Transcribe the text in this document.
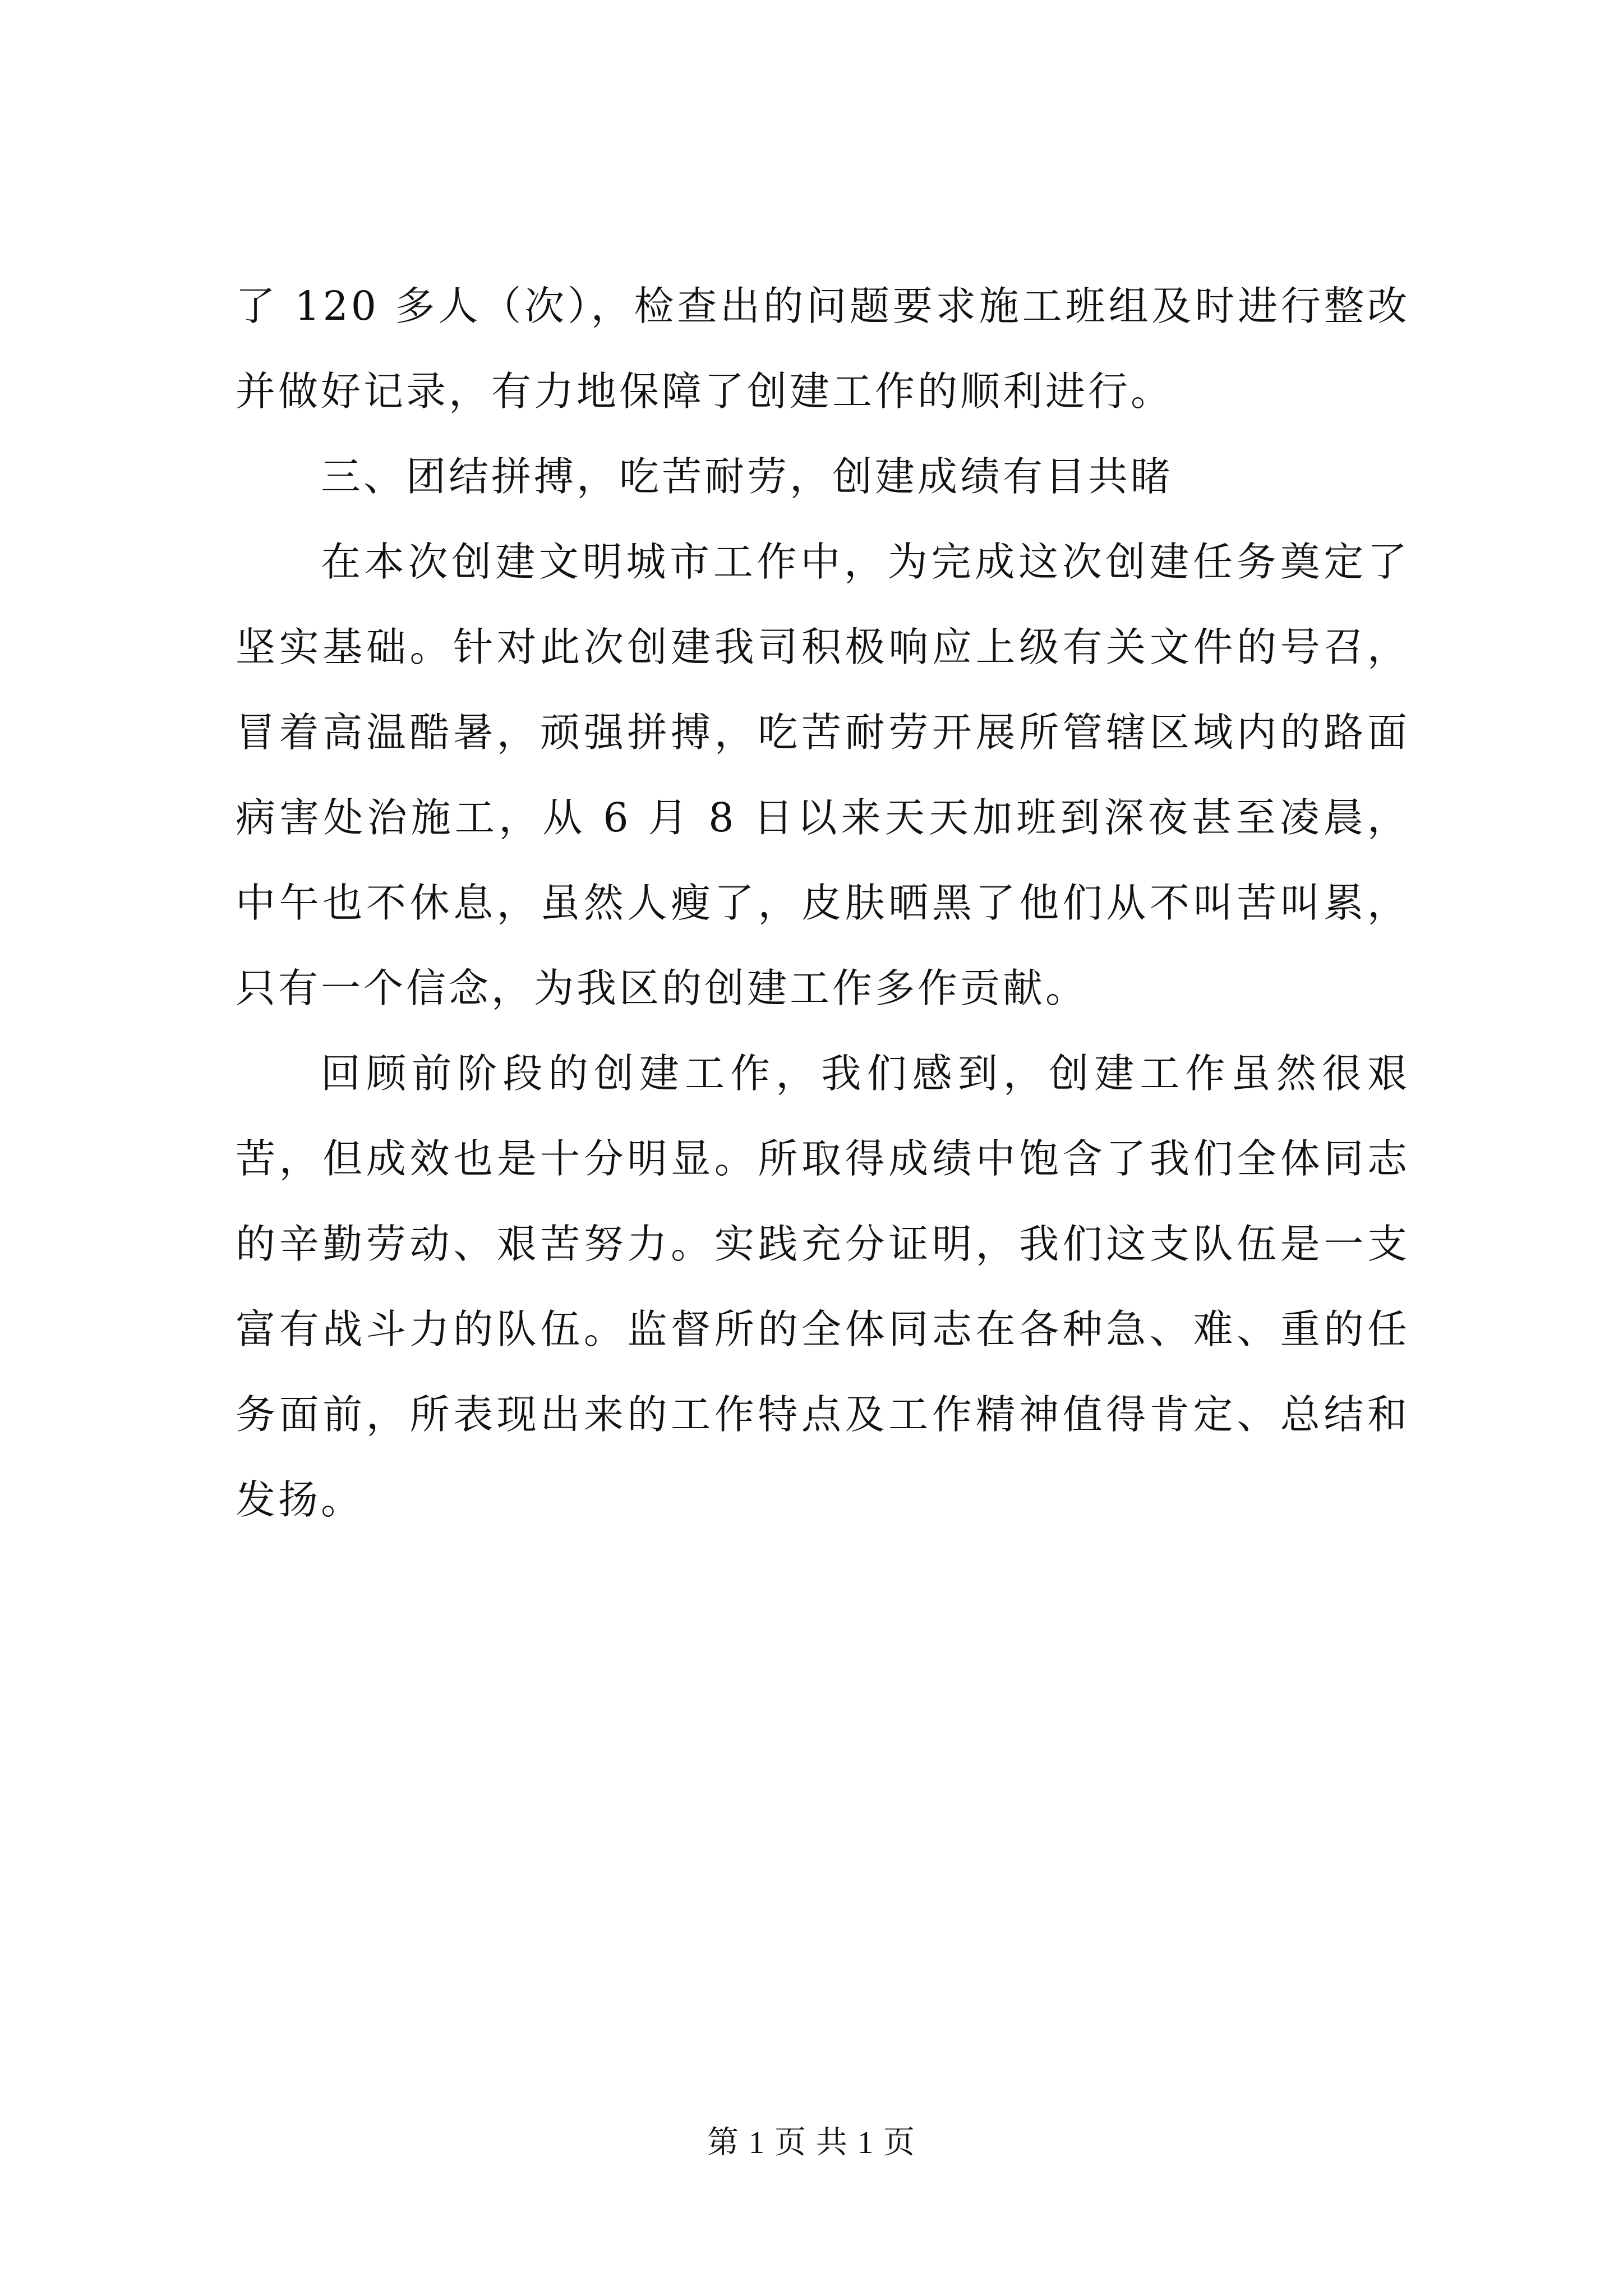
了 120 多人（次），检查出的问题要求施工班组及时进行整改并做好记录，有力地保障了创建工作的顺利进行。

三、团结拼搏，吃苦耐劳，创建成绩有目共睹

在本次创建文明城市工作中，为完成这次创建任务奠定了坚实基础。针对此次创建我司积极响应上级有关文件的号召，冒着高温酷暑，顽强拼搏，吃苦耐劳开展所管辖区域内的路面病害处治施工，从 6 月 8 日以来天天加班到深夜甚至凌晨，中午也不休息，虽然人瘦了，皮肤晒黑了他们从不叫苦叫累，只有一个信念，为我区的创建工作多作贡献。

回顾前阶段的创建工作，我们感到，创建工作虽然很艰苦，但成效也是十分明显。所取得成绩中饱含了我们全体同志的辛勤劳动、艰苦努力。实践充分证明，我们这支队伍是一支富有战斗力的队伍。监督所的全体同志在各种急、难、重的任务面前，所表现出来的工作特点及工作精神值得肯定、总结和发扬。

第 1 页 共 1 页
